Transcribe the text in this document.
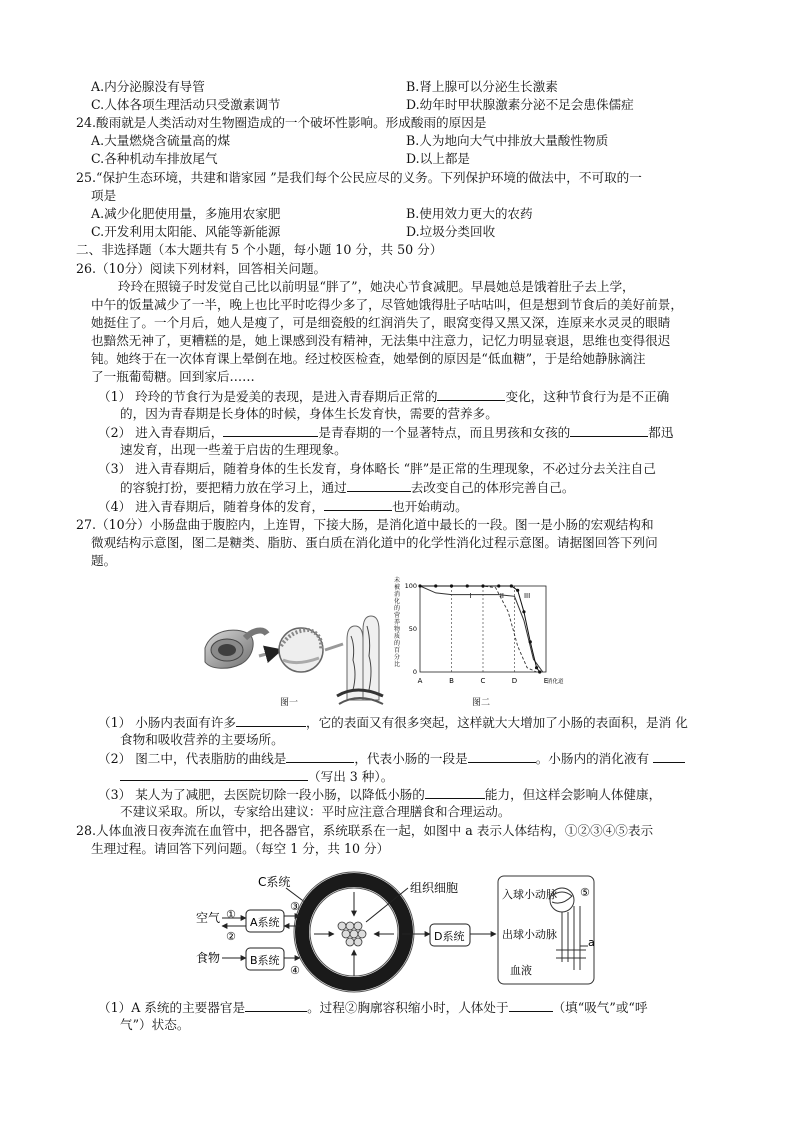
A.内分泌腺没有导管	B.肾上腺可以分泌生长激素
C.人体各项生理活动只受激素调节	D.幼年时甲状腺激素分泌不足会患侏儒症
24.酸雨就是人类活动对生物圈造成的一个破坏性影响。形成酸雨的原因是
A.大量燃烧含硫量高的煤	B.人为地向大气中排放大量酸性物质
C.各种机动车排放尾气	D.以上都是
25.“保护生态环境，共建和谐家园 ”是我们每个公民应尽的义务。下列保护环境的做法中，不可取的一
项是
A.减少化肥使用量，多施用农家肥	B.使用效力更大的农药
C.开发利用太阳能、风能等新能源	D.垃圾分类回收
二、非选择题（本大题共有 5 个小题，每小题 10 分，共 50 分）
26.（10分）阅读下列材料，回答相关问题。
玲玲在照镜子时发觉自己比以前明显“胖了”，她决心节食减肥。早晨她总是饿着肚子去上学，
中午的饭量减少了一半，晚上也比平时吃得少多了，尽管她饿得肚子咕咕叫，但是想到节食后的美好前景，
她挺住了。一个月后，她人是瘦了，可是细瓷般的红润消失了，眼窝变得又黑又深，连原来水灵灵的眼睛
也黯然无神了，更糟糕的是，她上课感到没有精神，无法集中注意力，记忆力明显衰退，思维也变得很迟
钝。她终于在一次体育课上晕倒在地。经过校医检查，她晕倒的原因是“低血糖”，于是给她静脉滴注
了一瓶葡萄糖。回到家后……
（1） 玲玲的节食行为是爱美的表现，是进入青春期后正常的	变化，这种节食行为是不正确
的，因为青春期是长身体的时候，身体生长发育快，需要的营养多。
（2） 进入青春期后，	是青春期的一个显著特点，而且男孩和女孩的	都迅
速发育，出现一些羞于启齿的生理现象。
（3） 进入青春期后，随着身体的生长发育，身体略长 “胖”是正常的生理现象，不必过分去关注自己
的容貌打扮，要把精力放在学习上，通过	去改变自己的体形完善自己。
（4） 进入青春期后，随着身体的发育，	也开始萌动。
27.（10分）小肠盘曲于腹腔内，上连胃，下接大肠，是消化道中最长的一段。图一是小肠的宏观结构和
微观结构示意图，图二是糖类、脂肪、蛋白质在消化道中的化学性消化过程示意图。请据图回答下列问
题。
图一
未
被
消
化
的
营
养
物
质
的
百
分
比
0
50
100
A	B	C	D	E
消化道
I	II	III
图二
（1） 小肠内表面有许多	，它的表面又有很多突起，这样就大大增加了小肠的表面积，是消 化
食物和吸收营养的主要场所。
（2） 图二中，代表脂肪的曲线是	，代表小肠的一段是	。小肠内的消化液有
（写出 3 种）。
（3） 某人为了减肥，去医院切除一段小肠，以降低小肠的	能力，但这样会影响人体健康，
不建议采取。所以，专家给出建议：平时应注意合理膳食和合理运动。
28.人体血液日夜奔流在血管中，把各器官，系统联系在一起，如图中 a 表示人体结构，①②③④⑤表示
生理过程。请回答下列问题。（每空 1 分，共 10 分）
C系统	组织细胞
空气
食物
①
②
A系统
B系统
③
④
D系统
入球小动脉
出球小动脉
血液
⑤
a
（1）A 系统的主要器官是	。过程②胸廓容积缩小时，人体处于	（填“吸气”或“呼
气”）状态。
